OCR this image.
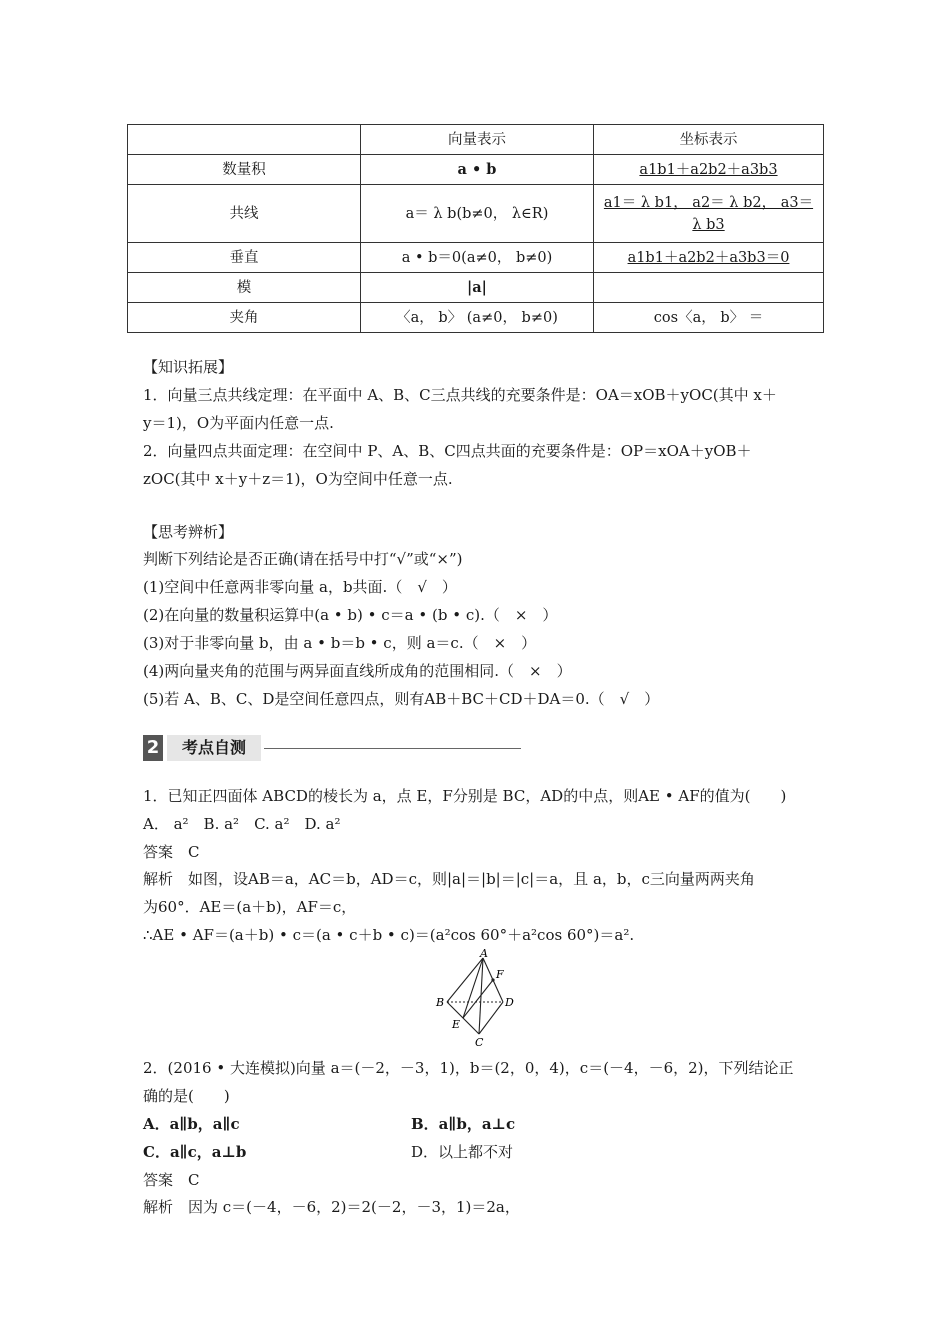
	向量表示	坐标表示
数量积	a • b	a1b1＋a2b2＋a3b3
共线	a＝ λ b(b≠0， λ∈R)	a1＝ λ b1， a2＝ λ b2， a3＝
λ b3

垂直	a • b＝0(a≠0， b≠0)	a1b1＋a2b2＋a3b3＝0
模	|a|	
夹角	〈a， b〉 (a≠0， b≠0)	cos〈a， b〉 ＝
【知识拓展】
1．向量三点共线定理：在平面中 A、B、C三点共线的充要条件是：OA＝xOB＋yOC(其中 x＋
y＝1)，O为平面内任意一点.
2．向量四点共面定理：在空间中 P、A、B、C四点共面的充要条件是：OP＝xOA＋yOB＋
zOC(其中 x＋y＋z＝1)，O为空间中任意一点.
【思考辨析】
判断下列结论是否正确(请在括号中打“√”或“×”)
(1)空间中任意两非零向量 a，b共面.（　√　）
(2)在向量的数量积运算中(a • b) • c＝a • (b • c).（　×　）
(3)对于非零向量 b，由 a • b＝b • c，则 a＝c.（　×　）
(4)两向量夹角的范围与两异面直线所成角的范围相同.（　×　）
(5)若 A、B、C、D是空间任意四点，则有AB＋BC＋CD＋DA＝0.（　√　）
2	考点自测
1．已知正四面体 ABCD的棱长为 a，点 E，F分别是 BC，AD的中点，则AE • AF的值为(　　)
A． a²　B. a²　C. a²　D. a²
答案　C
解析　如图，设AB＝a，AC＝b，AD＝c，则|a|＝|b|＝|c|＝a，且 a，b，c三向量两两夹角
为60°．AE＝(a＋b)，AF＝c，
∴AE • AF＝(a＋b) • c＝(a • c＋b • c)＝(a²cos 60°＋a²cos 60°)＝a².
A
B
C
D
E
F
2．(2016 • 大连模拟)向量 a＝(－2，－3，1)，b＝(2，0，4)，c＝(－4，－6，2)，下列结论正
确的是(　　)
A．a∥b，a∥c	B．a∥b，a⊥c
C．a∥c，a⊥b	D．以上都不对
答案　C
解析　因为 c＝(－4，－6，2)＝2(－2，－3，1)＝2a，
